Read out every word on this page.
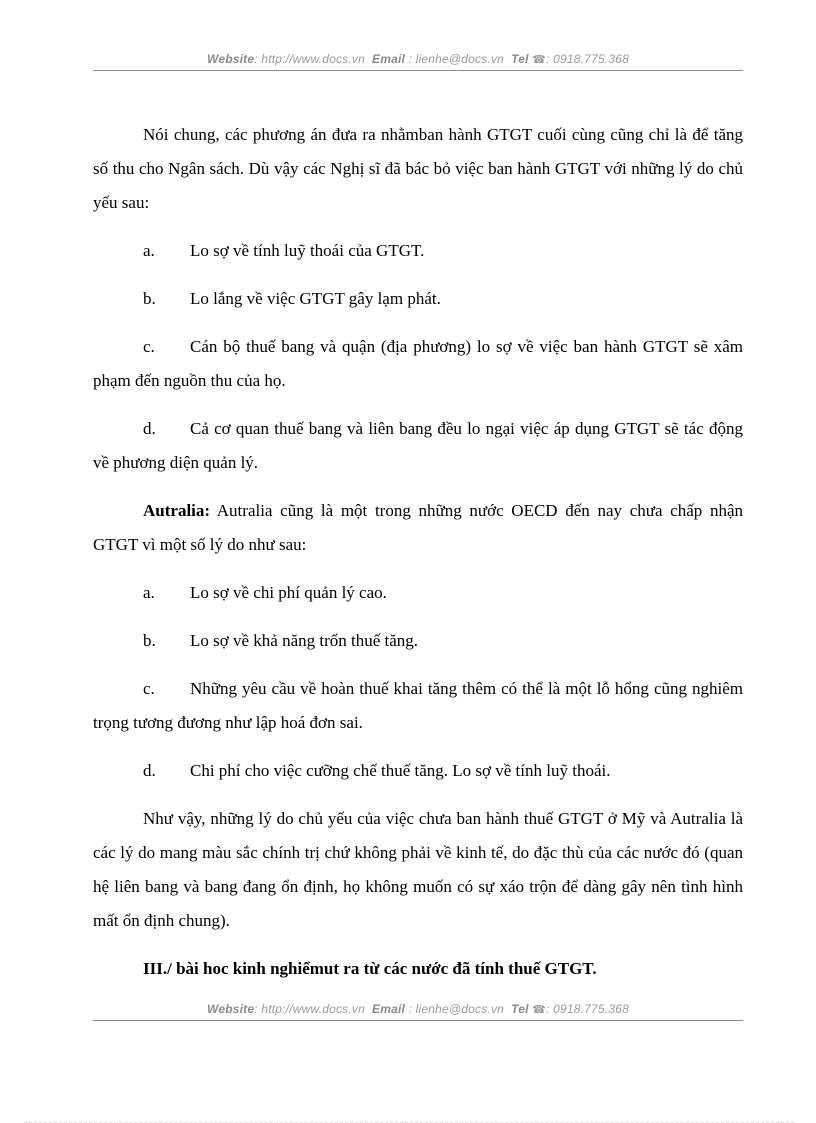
Website: http://www.docs.vn Email : lienhe@docs.vn Tel ☎: 0918.775.368

Nói chung, các phương án đưa ra nhằmban hành GTGT cuối cùng cũng chỉ là để tăng số thu cho Ngân sách. Dù vậy các Nghị sĩ đã bác bỏ việc ban hành GTGT với những lý do chủ yếu sau:

a. Lo sợ về tính luỹ thoái của GTGT.

b. Lo lắng về việc GTGT gây lạm phát.

c. Cán bộ thuế bang và quận (địa phương) lo sợ về việc ban hành GTGT sẽ xâm phạm đến nguồn thu của họ.

d. Cả cơ quan thuế bang và liên bang đều lo ngại việc áp dụng GTGT sẽ tác động về phương diện quản lý.

Autralia: Autralia cũng là một trong những nước OECD đến nay chưa chấp nhận GTGT vì một số lý do như sau:

a. Lo sợ về chi phí quản lý cao.

b. Lo sợ về khả năng trốn thuế tăng.

c. Những yêu cầu về hoàn thuế khai tăng thêm có thể là một lỗ hổng cũng nghiêm trọng tương đương như lập hoá đơn sai.

d. Chi phí cho việc cưỡng chế thuế tăng. Lo sợ về tính luỹ thoái.

Như vậy, những lý do chủ yếu của việc chưa ban hành thuế GTGT ở Mỹ và Autralia là các lý do mang màu sắc chính trị chứ không phải về kinh tế, do đặc thù của các nước đó (quan hệ liên bang và bang đang ổn định, họ không muốn có sự xáo trộn để dàng gây nên tình hình mất ổn định chung).

III./ bài hoc kinh nghiểmut ra từ các nước đã tính thuế GTGT.

Website: http://www.docs.vn Email : lienhe@docs.vn Tel ☎: 0918.775.368
